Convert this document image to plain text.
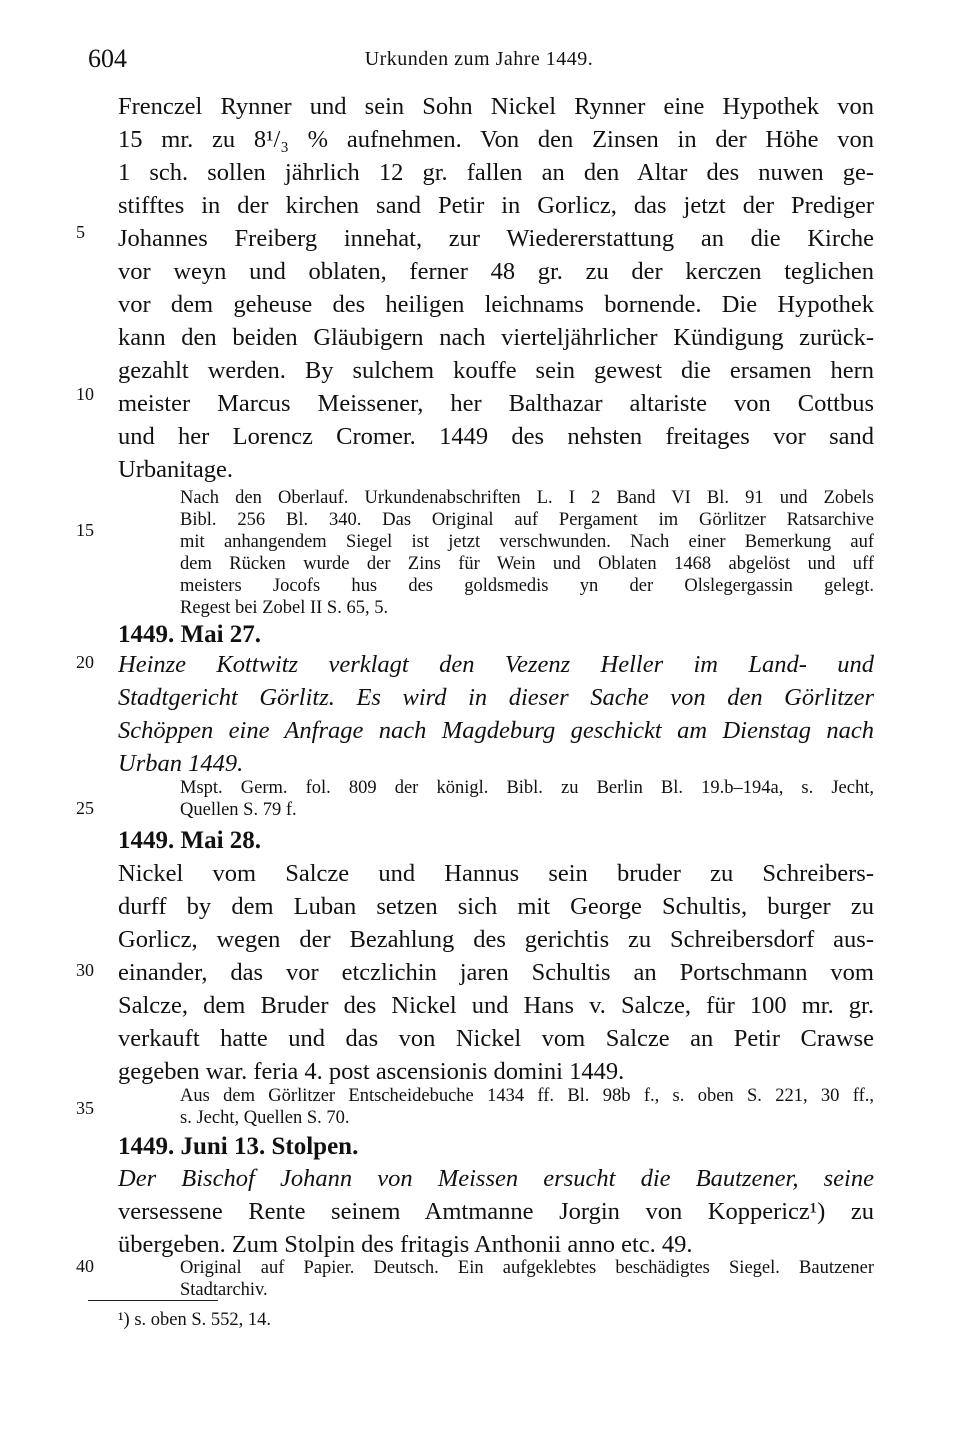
604	Urkunden zum Jahre 1449.
5
10
15
20
25
30
35
40
Frenczel Rynner und sein Sohn Nickel Rynner eine Hypothek von
15 mr. zu 8¹/₃ % aufnehmen. Von den Zinsen in der Höhe von
1 sch. sollen jährlich 12 gr. fallen an den Altar des nuwen ge-
stifftes in der kirchen sand Petir in Gorlicz, das jetzt der Prediger
Johannes Freiberg innehat, zur Wiedererstattung an die Kirche
vor weyn und oblaten, ferner 48 gr. zu der kerczen teglichen
vor dem geheuse des heiligen leichnams bornende. Die Hypothek
kann den beiden Gläubigern nach vierteljährlicher Kündigung zurück-
gezahlt werden. By sulchem kouffe sein gewest die ersamen hern
meister Marcus Meissener, her Balthazar altariste von Cottbus
und her Lorencz Cromer. 1449 des nehsten freitages vor sand
Urbanitage.
Nach den Oberlauf. Urkundenabschriften L. I 2 Band VI Bl. 91 und Zobels
Bibl. 256 Bl. 340. Das Original auf Pergament im Görlitzer Ratsarchive
mit anhangendem Siegel ist jetzt verschwunden. Nach einer Bemerkung auf
dem Rücken wurde der Zins für Wein und Oblaten 1468 abgelöst und uff
meisters Jocofs hus des goldsmedis yn der Olslegergassin gelegt.
Regest bei Zobel II S. 65, 5.
1449. Mai 27.
Heinze Kottwitz verklagt den Vezenz Heller im Land- und
Stadtgericht Görlitz. Es wird in dieser Sache von den Görlitzer
Schöppen eine Anfrage nach Magdeburg geschickt am Dienstag nach
Urban 1449.
Mspt. Germ. fol. 809 der königl. Bibl. zu Berlin Bl. 19.b–194a, s. Jecht,
Quellen S. 79 f.
1449. Mai 28.
Nickel vom Salcze und Hannus sein bruder zu Schreibers-
durff by dem Luban setzen sich mit George Schultis, burger zu
Gorlicz, wegen der Bezahlung des gerichtis zu Schreibersdorf aus-
einander, das vor etczlichin jaren Schultis an Portschmann vom
Salcze, dem Bruder des Nickel und Hans v. Salcze, für 100 mr. gr.
verkauft hatte und das von Nickel vom Salcze an Petir Crawse
gegeben war. feria 4. post ascensionis domini 1449.
Aus dem Görlitzer Entscheidebuche 1434 ff. Bl. 98b f., s. oben S. 221, 30 ff.,
s. Jecht, Quellen S. 70.
1449. Juni 13. Stolpen.
Der Bischof Johann von Meissen ersucht die Bautzener, seine
versessene Rente seinem Amtmanne Jorgin von Koppericz¹) zu
übergeben. Zum Stolpin des fritagis Anthonii anno etc. 49.
Original auf Papier. Deutsch. Ein aufgeklebtes beschädigtes Siegel. Bautzener
Stadtarchiv.
¹) s. oben S. 552, 14.
